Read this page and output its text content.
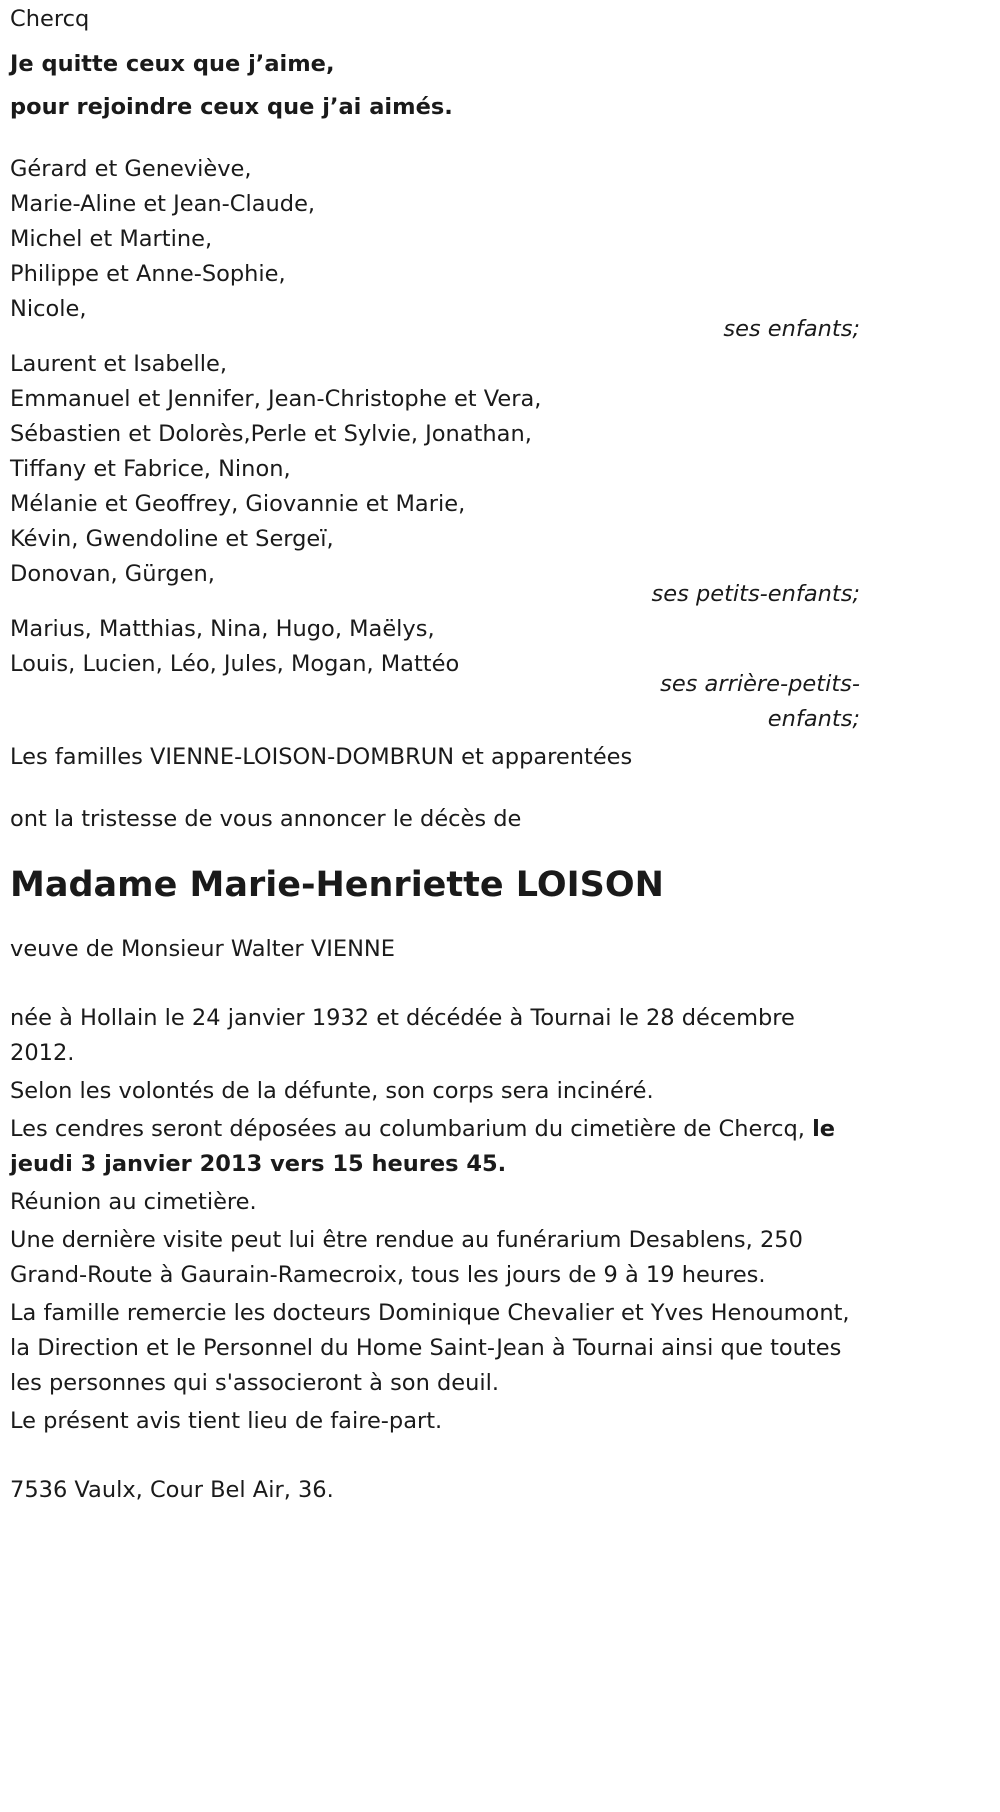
Chercq

Je quitte ceux que j’aime,

pour rejoindre ceux que j’ai aimés.

Gérard et Geneviève,

Marie-Aline et Jean-Claude,

Michel et Martine,

Philippe et Anne-Sophie,

Nicole,

ses enfants;

Laurent et Isabelle,

Emmanuel et Jennifer, Jean-Christophe et Vera,

Sébastien et Dolorès,Perle et Sylvie, Jonathan,

Tiffany et Fabrice, Ninon,

Mélanie et Geoffrey, Giovannie et Marie,

Kévin, Gwendoline et Sergeï,

Donovan, Gürgen,

ses petits-enfants;

Marius, Matthias, Nina, Hugo, Maëlys,

Louis, Lucien, Léo, Jules, Mogan, Mattéo

ses arrière-petits-

enfants;

Les familles VIENNE-LOISON-DOMBRUN et apparentées

ont la tristesse de vous annoncer le décès de

Madame Marie-Henriette LOISON

veuve de Monsieur Walter VIENNE

née à Hollain le 24 janvier 1932 et décédée à Tournai le 28 décembre 2012.

Selon les volontés de la défunte, son corps sera incinéré.

Les cendres seront déposées au columbarium du cimetière de Chercq, le jeudi 3 janvier 2013 vers 15 heures 45.

Réunion au cimetière.

Une dernière visite peut lui être rendue au funérarium Desablens, 250 Grand-Route à Gaurain-Ramecroix, tous les jours de 9 à 19 heures.

La famille remercie les docteurs Dominique Chevalier et Yves Henoumont, la Direction et le Personnel du Home Saint-Jean à Tournai ainsi que toutes les personnes qui s'associeront à son deuil.

Le présent avis tient lieu de faire-part.

7536 Vaulx, Cour Bel Air, 36.
